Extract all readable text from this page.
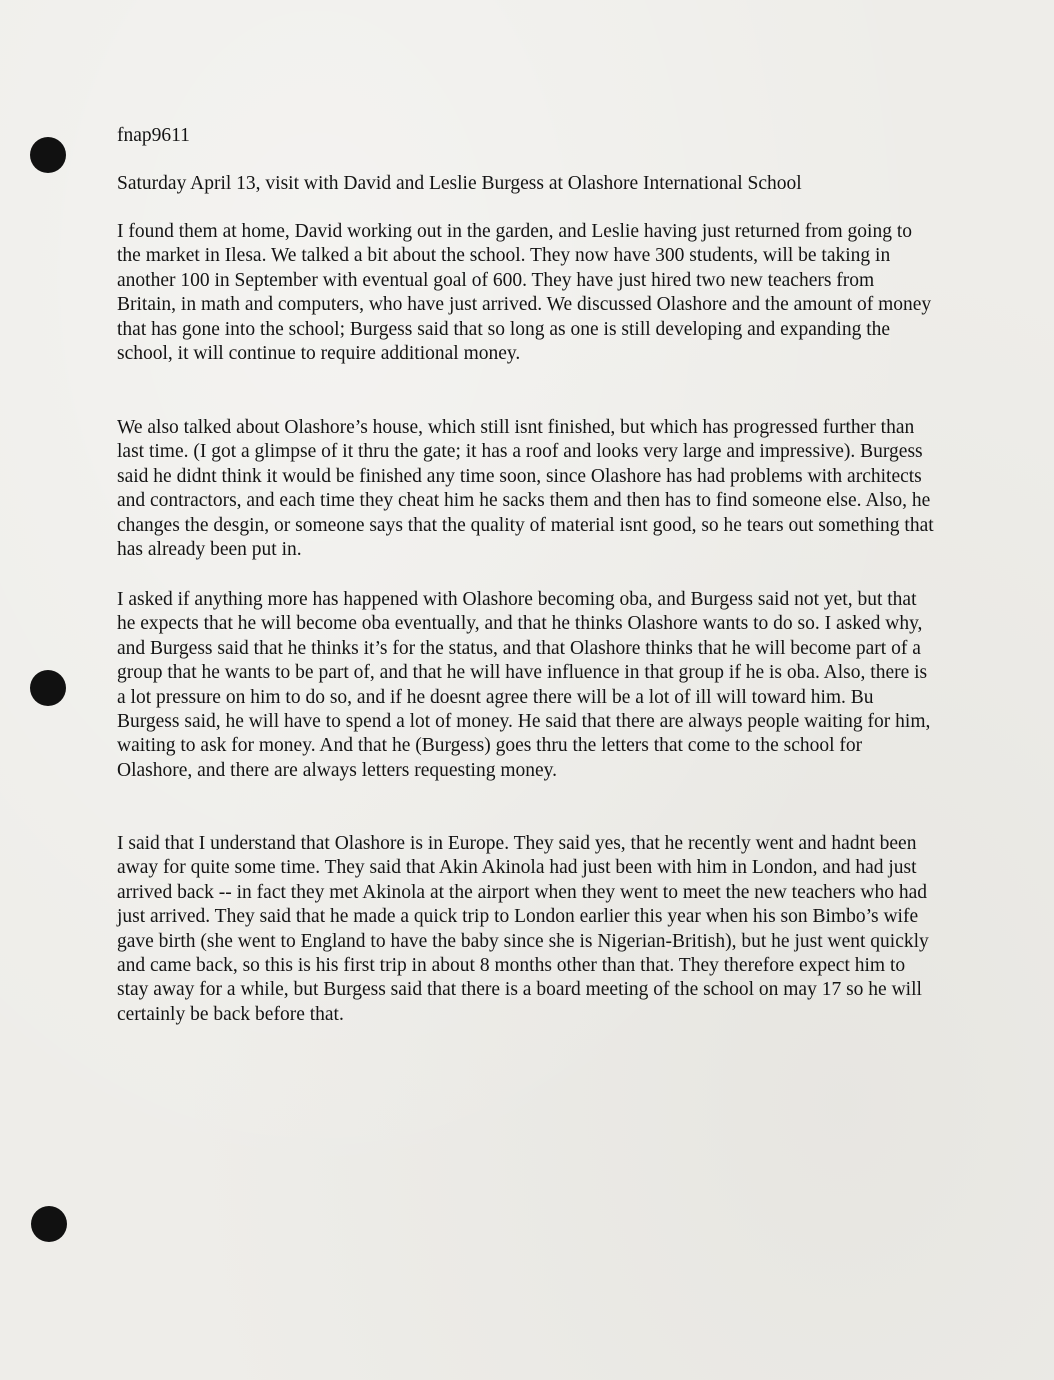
fnap9611

Saturday April 13, visit with David and Leslie Burgess at Olashore International School

I found them at home, David working out in the garden, and Leslie having just returned from going to the market in Ilesa. We talked a bit about the school. They now have 300 students, will be taking in another 100 in September with eventual goal of 600. They have just hired two new teachers from Britain, in math and computers, who have just arrived. We discussed Olashore and the amount of money that has gone into the school; Burgess said that so long as one is still developing and expanding the school, it will continue to require additional money.

We also talked about Olashore’s house, which still isnt finished, but which has progressed further than last time. (I got a glimpse of it thru the gate; it has a roof and looks very large and impressive). Burgess said he didnt think it would be finished any time soon, since Olashore has had problems with architects and contractors, and each time they cheat him he sacks them and then has to find someone else. Also, he changes the desgin, or someone says that the quality of material isnt good, so he tears out something that has already been put in.

I asked if anything more has happened with Olashore becoming oba, and Burgess said not yet, but that he expects that he will become oba eventually, and that he thinks Olashore wants to do so. I asked why, and Burgess said that he thinks it’s for the status, and that Olashore thinks that he will become part of a group that he wants to be part of, and that he will have influence in that group if he is oba. Also, there is a lot pressure on him to do so, and if he doesnt agree there will be a lot of ill will toward him. Bu Burgess said, he will have to spend a lot of money. He said that there are always people waiting for him, waiting to ask for money. And that he (Burgess) goes thru the letters that come to the school for Olashore, and there are always letters requesting money.

I said that I understand that Olashore is in Europe. They said yes, that he recently went and hadnt been away for quite some time. They said that Akin Akinola had just been with him in London, and had just arrived back -- in fact they met Akinola at the airport when they went to meet the new teachers who had just arrived. They said that he made a quick trip to London earlier this year when his son Bimbo’s wife gave birth (she went to England to have the baby since she is Nigerian-British), but he just went quickly and came back, so this is his first trip in about 8 months other than that. They therefore expect him to stay away for a while, but Burgess said that there is a board meeting of the school on may 17 so he will certainly be back before that.
